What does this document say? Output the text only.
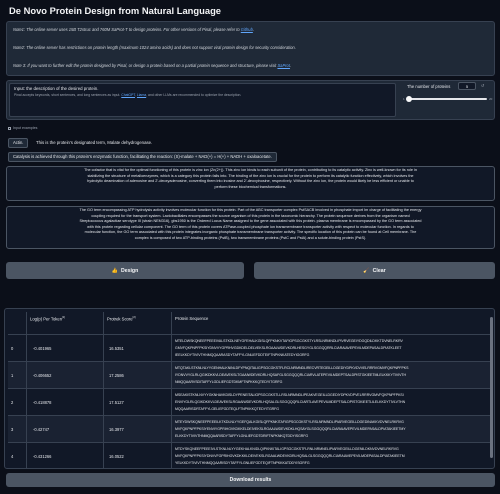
De Novo Protein Design from Natural Language
Note1: The online server uses 15B T2struc and 760M SaProt-T to design proteins. For other versions of Pinal, please refer to Github.
Note2: The online server has restrictions on protein length (maximum 1024 amino acids) and does not support viral protein design for security consideration.
Note 3: If you want to further edit the protein designed by Pinal, or design a protein based on a partial protein sequence and structure, please visit SaProt.
Input: the description of the desired protein.
Pinal accepts keywords, short sentences, and long sentences as input. ChatGPT, Llama, and other LLMs are recommended to optimize the description.
The number of proteins	5	↺
1	20
Input examples
Actin.	This is the protein's designated term, Malate dehydrogenase.
Catalysis is achieved through this protein's enzymatic function, facilitating the reaction: (S)-malate + NAD(+) = H(+) + NADH + oxaloacetate.
The cofactor that is vital for the optimal functioning of this protein is zinc ion (Zn(2+)). This zinc ion binds to each subunit of the protein, contributing to its catalytic activity. Zinc is well-known for its role in
stabilizing the structure of metalloenzymes, which is a category this protein falls into. The binding of the zinc ion is crucial for the protein to perform its catalytic function effectively, which involves the
hydrolytic deamination of adenosine and 2'-deoxyadenosine, converting them into inosine and 2'-deoxyinosine, respectively. Without the zinc ion, the protein would likely be less efficient or unable to
perform these biochemical transformations.
The GO term encompassing ATP hydrolysis activity involves molecular function for this protein. Part of the ABC transporter complex PstSACB involved in phosphate import Im charge of facilitating the energy
coupling required for the transport system. Lactobacillales encompasses the source organism of this protein in the taxonomic hierarchy. The protein sequence derives from the organism named
Streptococcus agalactiae serotype III (strain NEM316), gbs1950 is the Ordered Locus Name assigned to the gene associated with this protein. plasma membrane is encompassed by the GO term associated
with this protein regarding cellular component. The GO term of this protein covers ATPase-coupled phosphate ion transmembrane transporter activity with respect to molecular function. In regards to
molecular function, the GO term associated with this protein integrates inorganic phosphate transmembrane transporter activity. The specific location of this protein can be found at Cell membrane. The
complex is composed of two ATP-binding proteins (PstB), two transmembrane proteins (PstC and PstA) and a solute-binding protein (PstS).
👍 Design	🧹 Clear
Log(p) Per Token[1]	Protrek Score[2]	Protein Sequence
0	-0.401965	16.5351
MTELDWSKQNEEFPEEEIVALSTKDLNEYGFEHALKGISLQFPKNKVTAFIGPSGCGKSTYLRSLNRMNDLIPIVRVEGEIYDGQDILDKKTDVNELRKRV
GMVFQKPNPFPKSIYDNVVYGPRHVGDKDELDELVEKSLRGAALWDEVKDRLHESGYGLSGGQQRRLCIARAIAVEPEVILMDEPASALDPIATKLEET
IEELKKDYTIVIVTHNMQQAARASDYTAFFYLGNLIEFDDTEIFTNPKNKATEDYIGGRFG
1	-0.406652	17.2586
MTQTAKLSTKNLNLYYGENHALKNINLDFYPNQITALIGPSGCGKSTFLRCLNRMNDLIRECVRTEGEILLDGEDIYDPKVDVVELRRRVGMVFQKPNPFPKS
IYDNVVYGLRLQGIKDKKVLDEAVEKSLTGAAIWDEVKDRLHQSAFGLSGGQQQRLCIARVLATEPEVILMDEPTSALDPISTGKIEETMLELKKKYTIVIVTH
NMQQAARVSDITAFFYLGDLIEFGDTDKMFTNPKKKQTEDYITGRFG
2	-0.418878	17.5127
MSEAKISTKNLNVYYGKNHAVKDISLDYPENEITALIGPSGCGKSTLLRSLNRMNDLIPEAKVEGEILLDGEDIYDPKVDPVELRRRVGMVFQKPNPFPKSI
ENVIYGLRLQGIKDKKVLDEAVEKSLRGAAIWDEVKDRLHQSALGLSGGQQQRLCIARTLAVEPEVILMDEPTSALDPISTGKIEETLILELKKDYTIVLVTHN
MQQAARISDRTAFFYLGELIEFGDTEQLFTNPKKKQTEDYITGRFG
3	-0.42747	16.3977
MTEYDWSKQNEEFPEEEILKTKDLNLYYGEFQALKGISLQFPKNKITAFIGPSGCGKSTYLRSLNRMNDLIPIARVEGEILLDGEDINAKKVDVNELRKRVG
MVFQKPNPFPKSIYENVIYGPRIHGVKDKKELDEIVEKSLRGAALWDEVKDKLHQSAYGLSGGQQQRLCIARAIAVEPEVILMDEPASALDPIATAKIEETMY
ELKKDYTIVIVTHNMQQAARISDYTAFFYLGNLIEFGDTDRIFTNPKNKQTDDYISGRFG
4	-0.431266	16.0522
MTDYSKQNEEFPEEEIVLSTKNLNLYYGEKHALKNIDLQIPKNKITALIGPSGCGKSTFLRNLNRMNELIPIARVEGEILLDGENILDKNVDVNELRKRVG
MVFQKPNPFPKSIYDNVVFGPRIHGVKDKKKLDEIVEKSLRGAALWDEVKDRLHQSALGLSGGQQQRLCIARAIAVEPEVILMDEPASALDPIATAKIEETM
YELKKDYTIVIVTHNMQQAARISDYTAFFYLGNLIEFGDTEQIFTNPKKKATDDYISGRFG
Download results
